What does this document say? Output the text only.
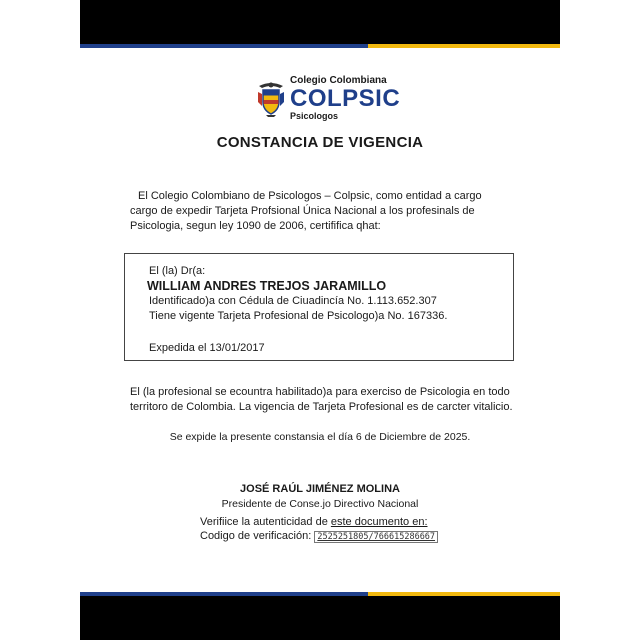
Colegio Colombiana
COLPSIC
Psicologos
CONSTANCIA DE VIGENCIA
El Colegio Colombiano de Psicologos – Colpsic, como entidad a cargo
cargo de expedir Tarjeta Profsional Única Nacional a los profesinals de
Psicologia, segun ley 1090 de 2006, certififica qhat:
El (la) Dr(a:
WILLIAM ANDRES TREJOS JARAMILLO
Identificado)a con Cédula de Ciuadincía No. 1.113.652.307
Tiene vigente Tarjeta Profesional de Psicologo)a No. 167336.
Expedida el 13/01/2017
El (la profesional se ecountra habilitado)a para exerciso de Psicologia en todo
territoro de Colombia. La vigencia de Tarjeta Profesional es de carcter vitalicio.
Se expide la presente constansia el día 6 de Diciembre de 2025.
JOSÉ RAÚL JIMÉNEZ MOLINA
Presidente de Conse.jo Directivo Nacional
Verifiice la autenticidad de este documento en:
Codigo de verificación: 2525251805/766615286667
